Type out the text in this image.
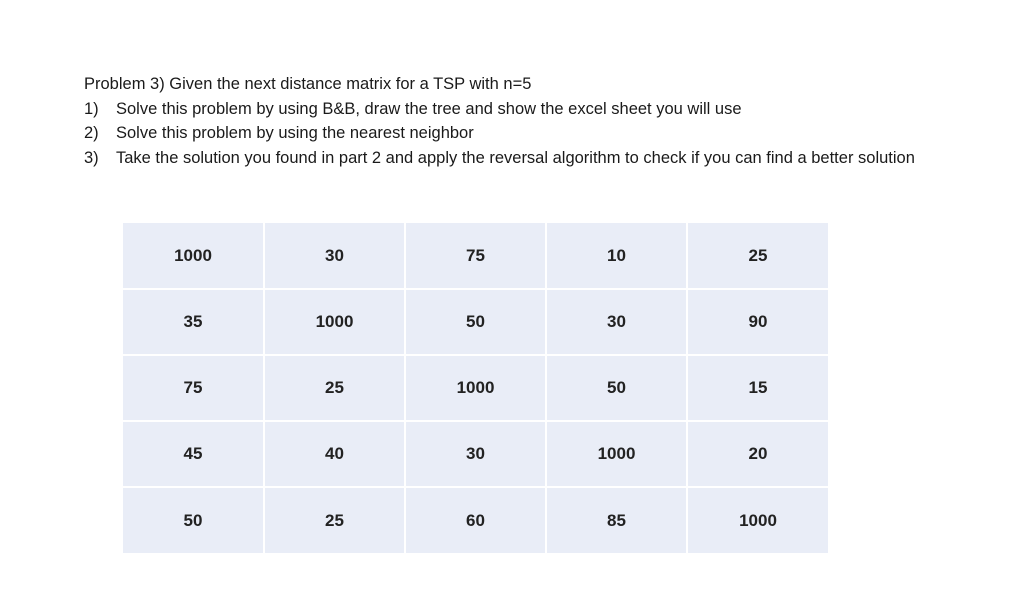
Problem 3) Given the next distance matrix for a TSP with n=5

1)	Solve this problem by using B&B, draw the tree and show the excel sheet you will use
2)	Solve this problem by using the nearest neighbor
3)	Take the solution you found in part 2 and apply the reversal algorithm to check if you can find a better solution
1000	30	75	10	25
35	1000	50	30	90
75	25	1000	50	15
45	40	30	1000	20
50	25	60	85	1000
